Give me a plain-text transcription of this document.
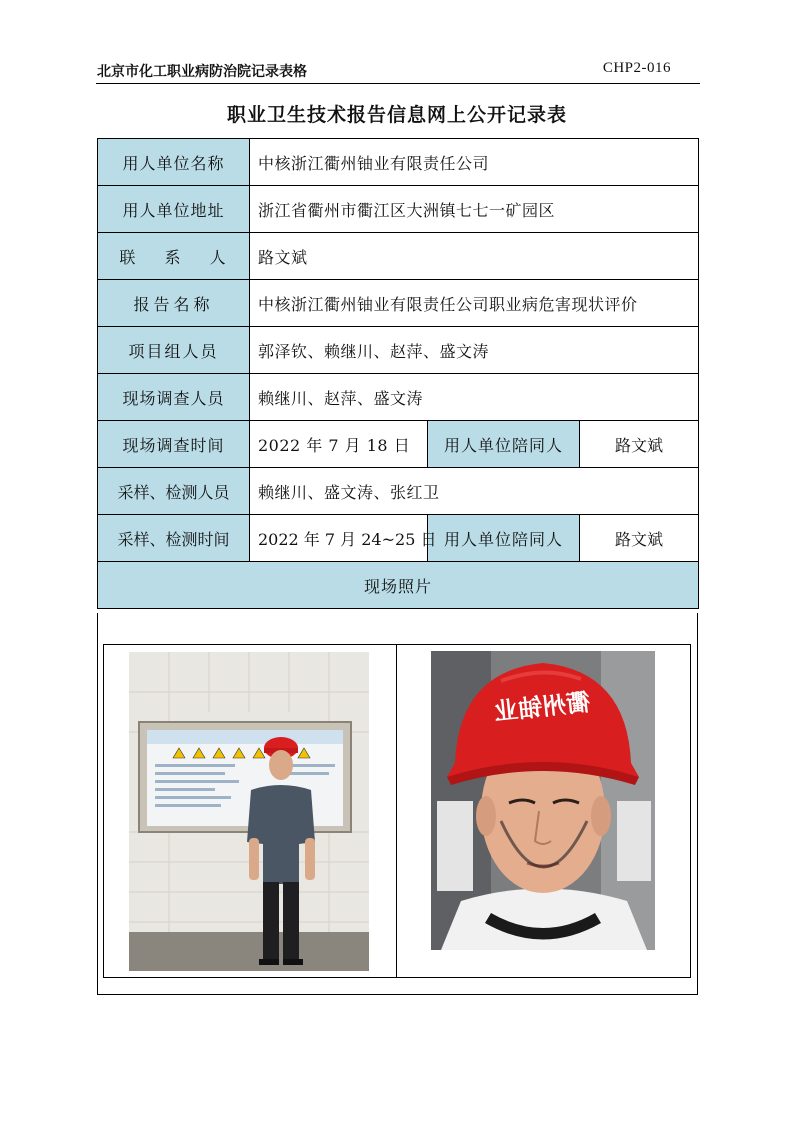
北京市化工职业病防治院记录表格	CHP2-016
职业卫生技术报告信息网上公开记录表
用人单位名称	中核浙江衢州铀业有限责任公司		
用人单位地址	浙江省衢州市衢江区大洲镇七七一矿园区		
联 系 人	路文斌		
报告名称	中核浙江衢州铀业有限责任公司职业病危害现状评价		
项目组人员	郭泽钦、赖继川、赵萍、盛文涛		
现场调查人员	赖继川、赵萍、盛文涛		
现场调查时间	2022 年 7 月 18 日	用人单位陪同人	路文斌
采样、检测人员	赖继川、盛文涛、张红卫		
采样、检测时间	2022 年 7 月 24~25 日	用人单位陪同人	路文斌
现场照片			
衢州铀业
